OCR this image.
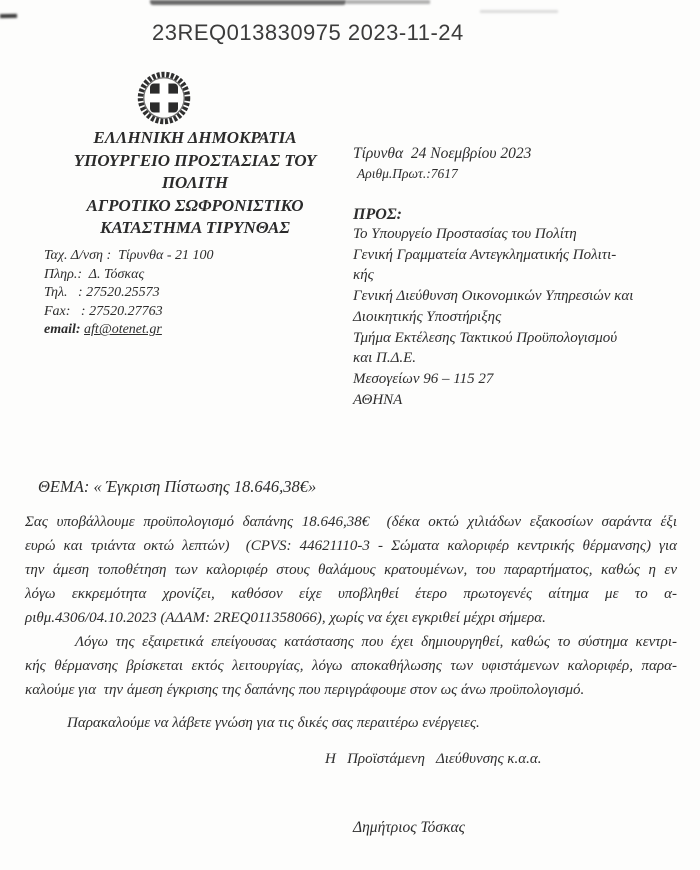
23REQ013830975 2023-11-24
ΕΛΛΗΝΙΚΗ ΔΗΜΟΚΡΑΤΙΑ
ΥΠΟΥΡΓΕΙΟ ΠΡΟΣΤΑΣΙΑΣ ΤΟΥ
ΠΟΛΙΤΗ
ΑΓΡΟΤΙΚΟ ΣΩΦΡΟΝΙΣΤΙΚΟ
ΚΑΤΑΣΤΗΜΑ ΤΙΡΥΝΘΑΣ
Ταχ. Δ/νση :  Τίρυνθα - 21 100
Πληρ.:  Δ. Τόσκας
Τηλ.   : 27520.25573
Fax:   : 27520.27763
email: aft@otenet.gr
Τίρυνθα  24 Νοεμβρίου 2023
Αριθμ.Πρωτ.:7617
ΠΡΟΣ:
Το Υπουργείο Προστασίας του Πολίτη
Γενική Γραμματεία Αντεγκληματικής Πολιτι-
κής
Γενική Διεύθυνση Οικονομικών Υπηρεσιών και
Διοικητικής Υποστήριξης
Τμήμα Εκτέλεσης Τακτικού Προϋπολογισμού
και Π.Δ.Ε.
Μεσογείων 96 – 115 27
ΑΘΗΝΑ
ΘΕΜΑ: « Έγκριση Πίστωσης 18.646,38€»
Σας υποβάλλουμε προϋπολογισμό δαπάνης 18.646,38€  (δέκα οκτώ χιλιάδων εξακοσίων σαράντα έξι
ευρώ και τριάντα οκτώ λεπτών)  (CPVS: 44621110-3 - Σώματα καλοριφέρ κεντρικής θέρμανσης) για
την άμεση τοποθέτηση των καλοριφέρ στους θαλάμους κρατουμένων, του παραρτήματος, καθώς η εν
λόγω εκκρεμότητα χρονίζει, καθόσον είχε υποβληθεί έτερο πρωτογενές αίτημα με το α-
ριθμ.4306/04.10.2023 (ΑΔΑΜ: 2REQ011358066), χωρίς να έχει εγκριθεί μέχρι σήμερα.
Λόγω της εξαιρετικά επείγουσας κατάστασης που έχει δημιουργηθεί, καθώς το σύστημα κεντρι-
κής θέρμανσης βρίσκεται εκτός λειτουργίας, λόγω αποκαθήλωσης των υφιστάμενων καλοριφέρ, παρα-
καλούμε για  την άμεση έγκρισης της δαπάνης που περιγράφουμε στον ως άνω προϋπολογισμό.
Παρακαλούμε να λάβετε γνώση για τις δικές σας περαιτέρω ενέργειες.
Η   Προϊστάμενη   Διεύθυνσης κ.α.α.
Δημήτριος Τόσκας
